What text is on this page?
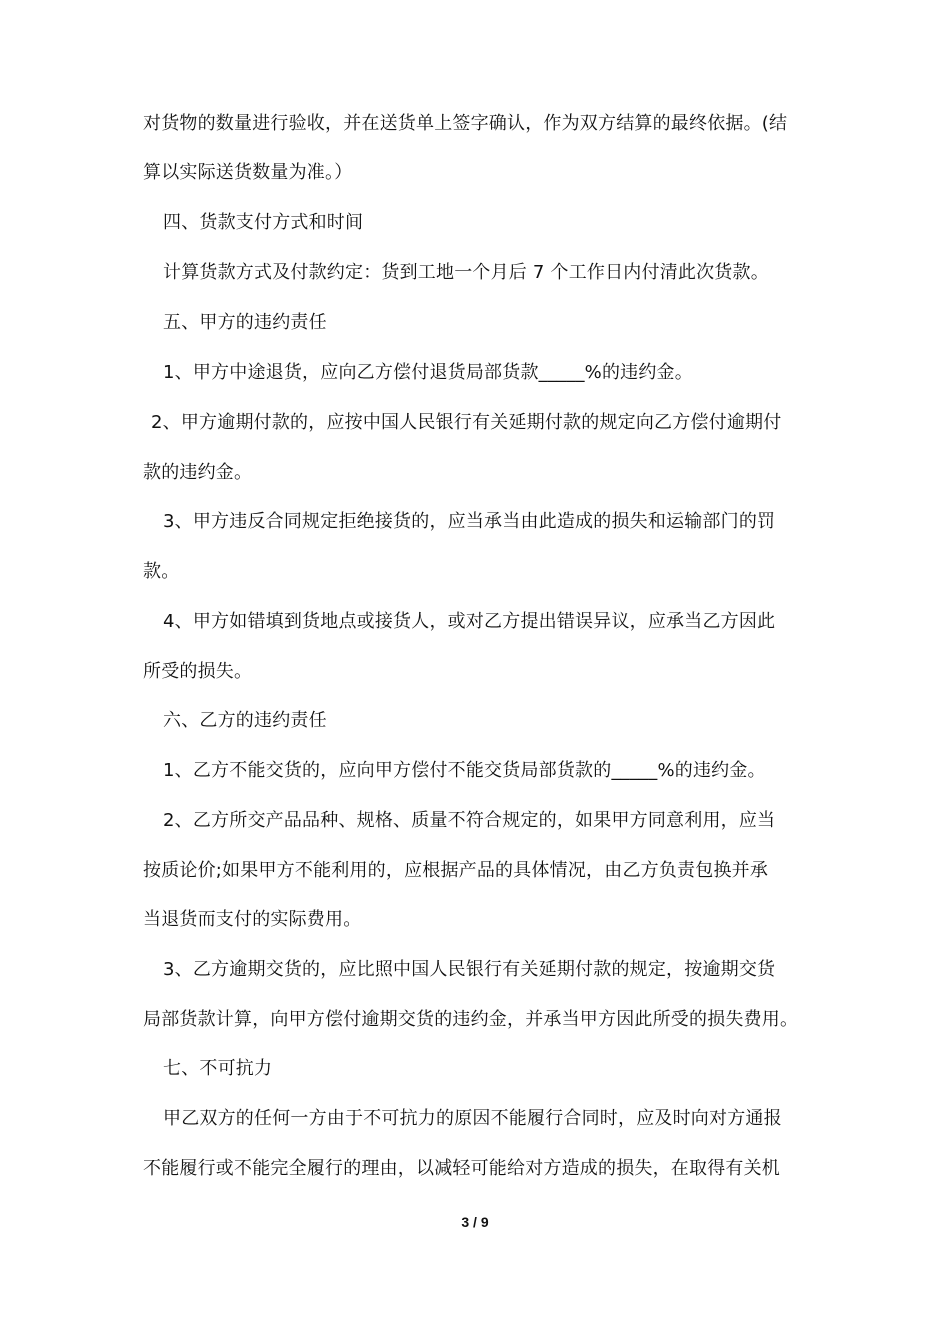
对货物的数量进行验收，并在送货单上签字确认，作为双方结算的最终依据。(结
算以实际送货数量为准。）
四、货款支付方式和时间
计算货款方式及付款约定：货到工地一个月后 7 个工作日内付清此次货款。
五、甲方的违约责任
1、甲方中途退货，应向乙方偿付退货局部货款_____%的违约金。
2、甲方逾期付款的，应按中国人民银行有关延期付款的规定向乙方偿付逾期付
款的违约金。
3、甲方违反合同规定拒绝接货的，应当承当由此造成的损失和运输部门的罚
款。
4、甲方如错填到货地点或接货人，或对乙方提出错误异议，应承当乙方因此
所受的损失。
六、乙方的违约责任
1、乙方不能交货的，应向甲方偿付不能交货局部货款的_____%的违约金。
2、乙方所交产品品种、规格、质量不符合规定的，如果甲方同意利用，应当
按质论价;如果甲方不能利用的，应根据产品的具体情况，由乙方负责包换并承
当退货而支付的实际费用。
3、乙方逾期交货的，应比照中国人民银行有关延期付款的规定，按逾期交货
局部货款计算，向甲方偿付逾期交货的违约金，并承当甲方因此所受的损失费用。
七、不可抗力
甲乙双方的任何一方由于不可抗力的原因不能履行合同时，应及时向对方通报
不能履行或不能完全履行的理由，以减轻可能给对方造成的损失，在取得有关机
3 / 9
